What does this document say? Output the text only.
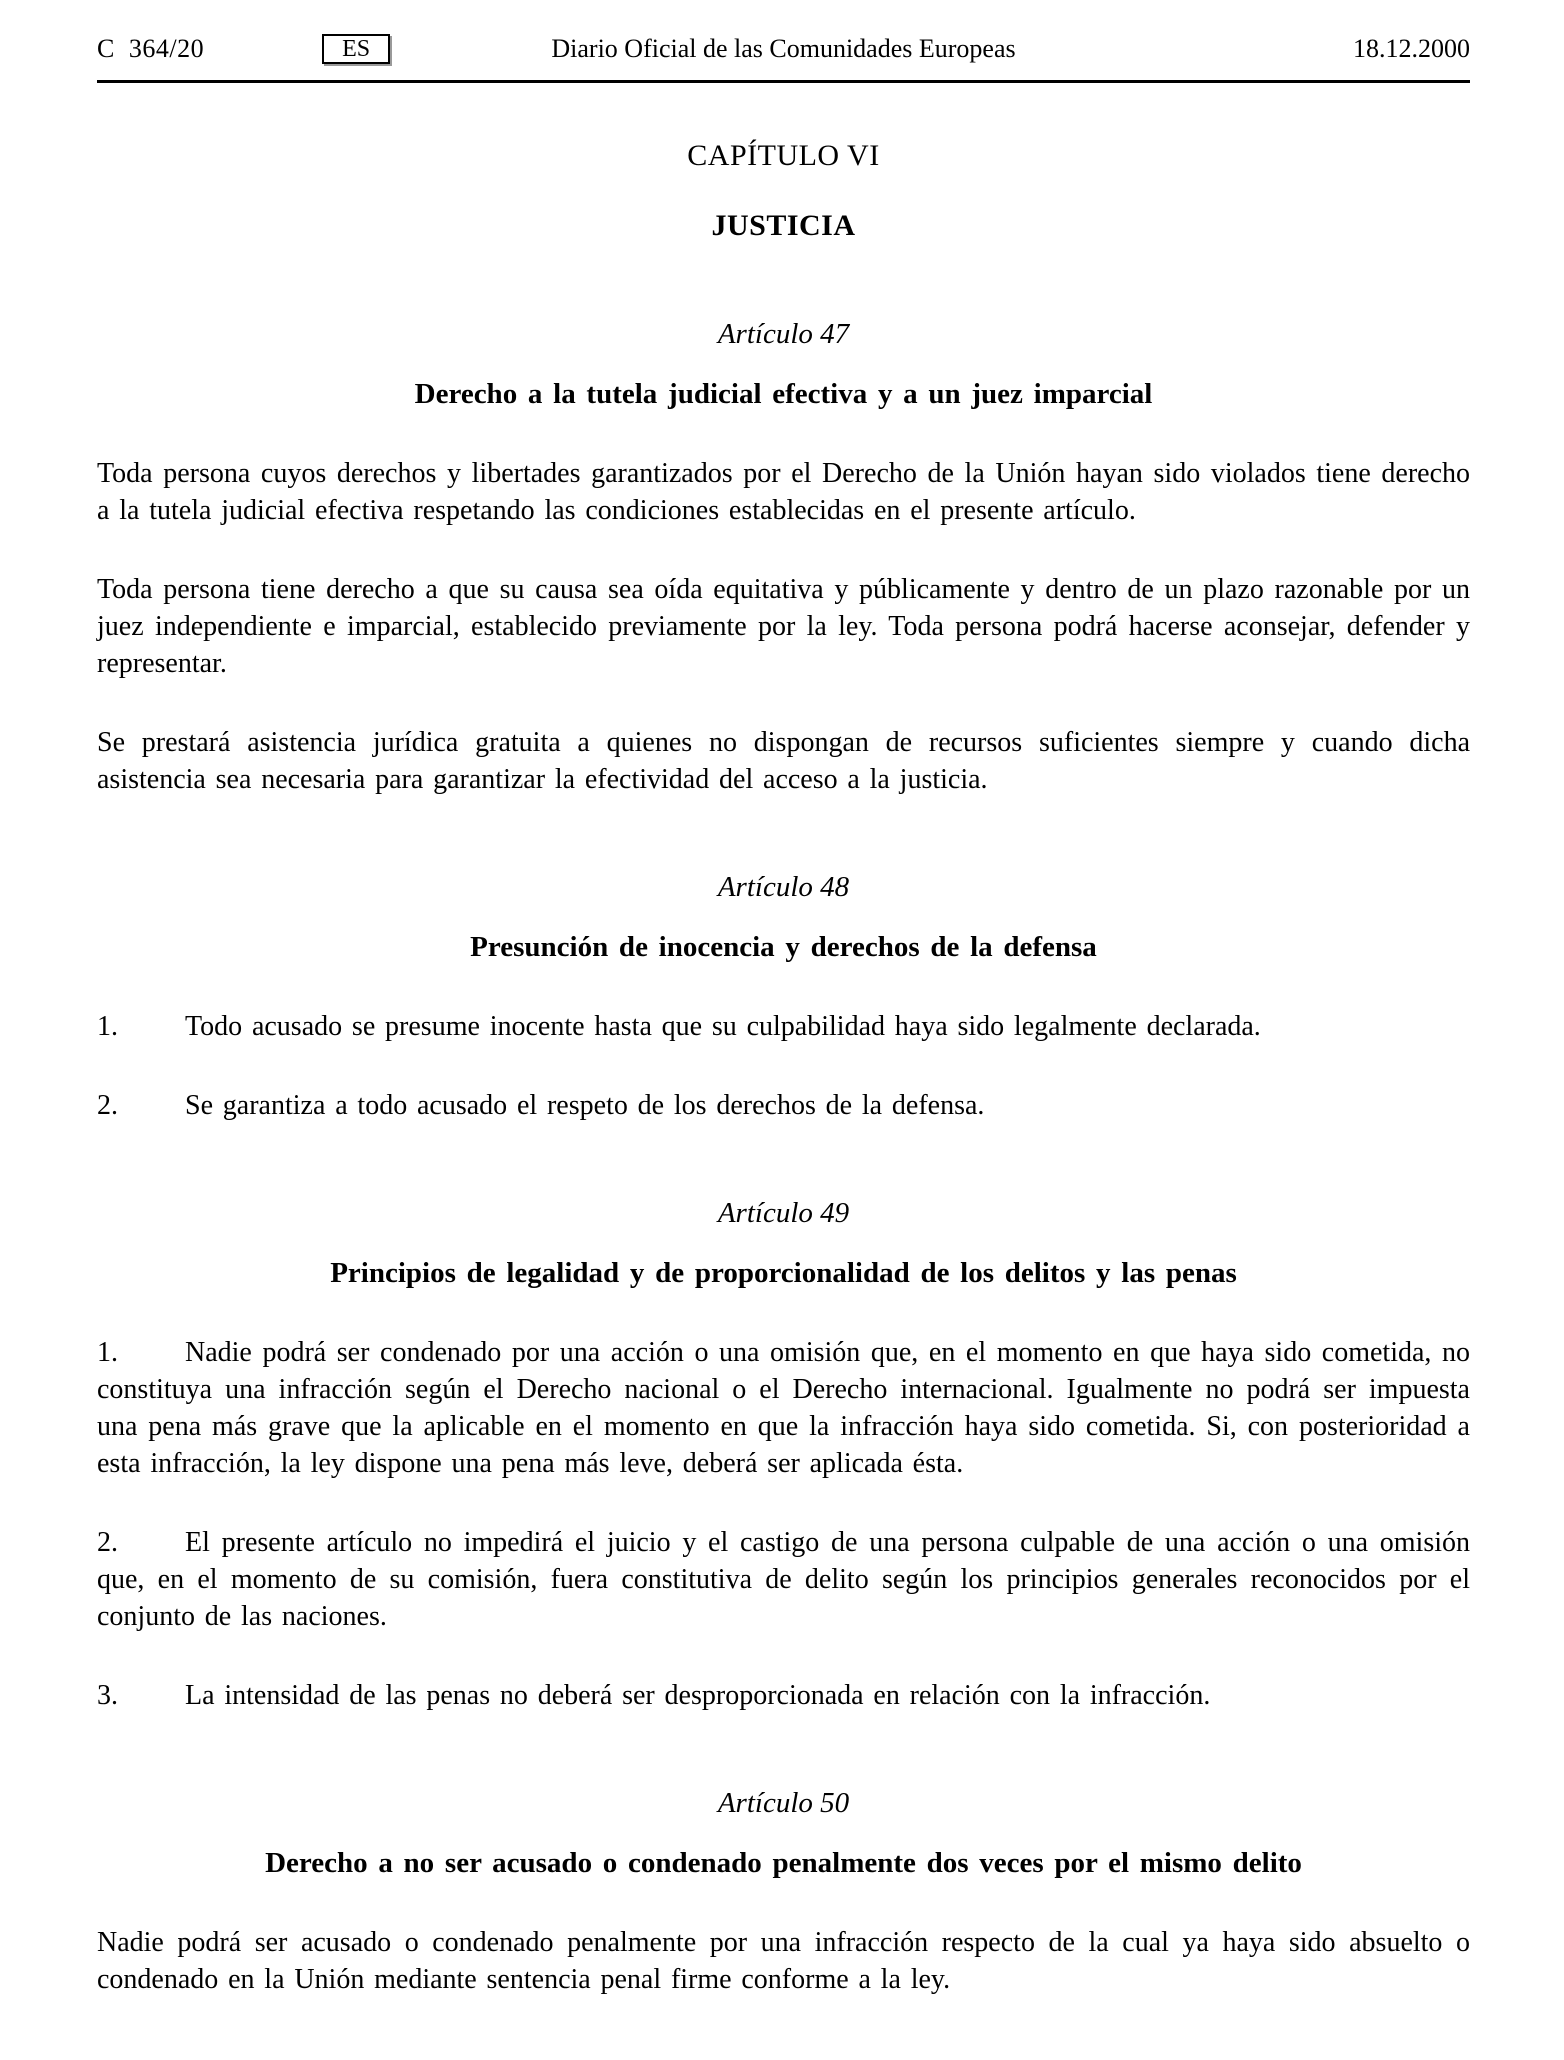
C  364/20	ES	Diario Oficial de las Comunidades Europeas	18.12.2000
CAPÍTULO VI
JUSTICIA
Artículo 47
Derecho a la tutela judicial efectiva y a un juez imparcial

Toda persona cuyos derechos y libertades garantizados por el Derecho de la Unión hayan sido violados tiene derecho a la tutela judicial efectiva respetando las condiciones establecidas en el presente artículo.

Toda persona tiene derecho a que su causa sea oída equitativa y públicamente y dentro de un plazo razonable por un juez independiente e imparcial, establecido previamente por la ley. Toda persona podrá hacerse aconsejar, defender y representar.

Se prestará asistencia jurídica gratuita a quienes no dispongan de recursos suficientes siempre y cuando dicha asistencia sea necesaria para garantizar la efectividad del acceso a la justicia.

Artículo 48
Presunción de inocencia y derechos de la defensa

1. Todo acusado se presume inocente hasta que su culpabilidad haya sido legalmente declarada.

2. Se garantiza a todo acusado el respeto de los derechos de la defensa.

Artículo 49
Principios de legalidad y de proporcionalidad de los delitos y las penas

1. Nadie podrá ser condenado por una acción o una omisión que, en el momento en que haya sido cometida, no constituya una infracción según el Derecho nacional o el Derecho internacional. Igualmente no podrá ser impuesta una pena más grave que la aplicable en el momento en que la infracción haya sido cometida. Si, con posterioridad a esta infracción, la ley dispone una pena más leve, deberá ser aplicada ésta.

2. El presente artículo no impedirá el juicio y el castigo de una persona culpable de una acción o una omisión que, en el momento de su comisión, fuera constitutiva de delito según los principios generales reconocidos por el conjunto de las naciones.

3. La intensidad de las penas no deberá ser desproporcionada en relación con la infracción.

Artículo 50
Derecho a no ser acusado o condenado penalmente dos veces por el mismo delito

Nadie podrá ser acusado o condenado penalmente por una infracción respecto de la cual ya haya sido absuelto o condenado en la Unión mediante sentencia penal firme conforme a la ley.
